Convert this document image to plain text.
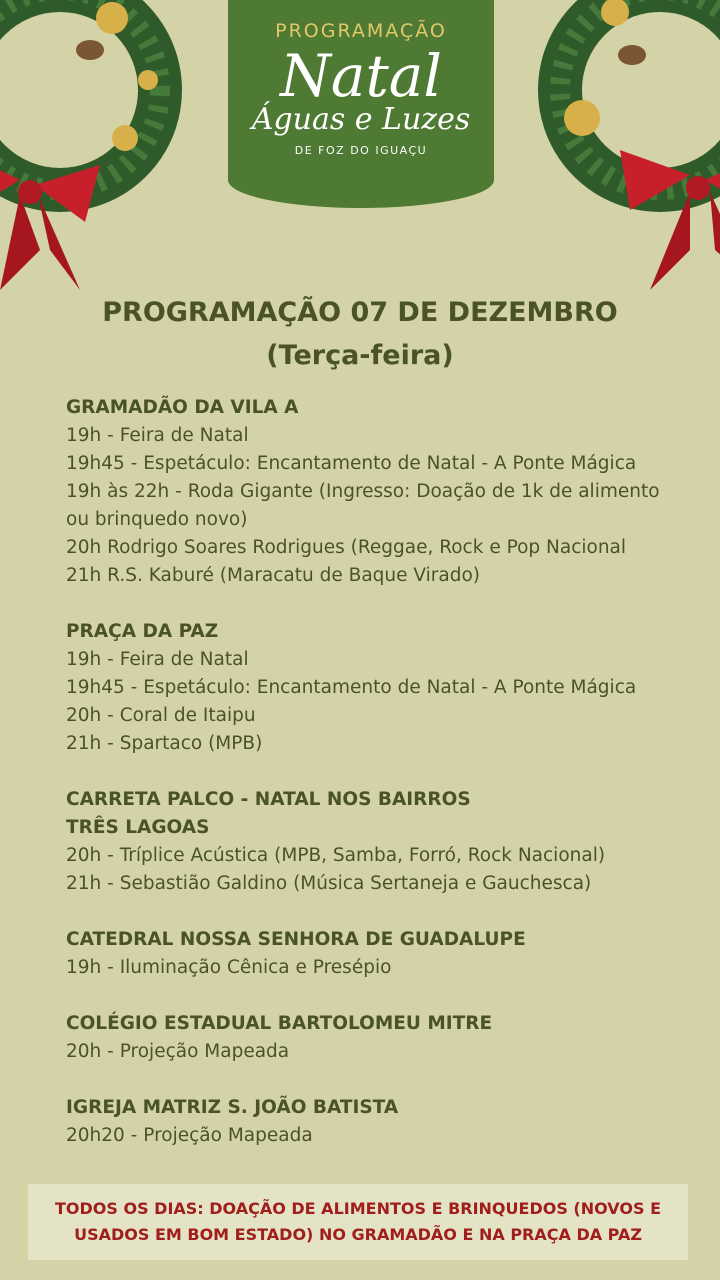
PROGRAMAÇÃO
Natal
Águas e Luzes
DE FOZ DO IGUAÇU
PROGRAMAÇÃO 07 DE DEZEMBRO
(Terça-feira)
GRAMADÃO DA VILA A
19h - Feira de Natal
19h45 - Espetáculo: Encantamento de Natal - A Ponte Mágica
19h às 22h - Roda Gigante (Ingresso: Doação de 1k de alimento ou brinquedo novo)
20h Rodrigo Soares Rodrigues (Reggae, Rock e Pop Nacional
21h R.S. Kaburé (Maracatu de Baque Virado)
PRAÇA DA PAZ
19h - Feira de Natal
19h45 - Espetáculo: Encantamento de Natal - A Ponte Mágica
20h - Coral de Itaipu
21h - Spartaco (MPB)
CARRETA PALCO - NATAL NOS BAIRROS
TRÊS LAGOAS
20h - Tríplice Acústica (MPB, Samba, Forró, Rock Nacional)
21h - Sebastião Galdino (Música Sertaneja e Gauchesca)
CATEDRAL NOSSA SENHORA DE GUADALUPE
19h - Iluminação Cênica e Presépio
COLÉGIO ESTADUAL BARTOLOMEU MITRE
20h - Projeção Mapeada
IGREJA MATRIZ S. JOÃO BATISTA
20h20 - Projeção Mapeada
TODOS OS DIAS: DOAÇÃO DE ALIMENTOS E BRINQUEDOS (NOVOS E USADOS EM BOM ESTADO) NO GRAMADÃO E NA PRAÇA DA PAZ
